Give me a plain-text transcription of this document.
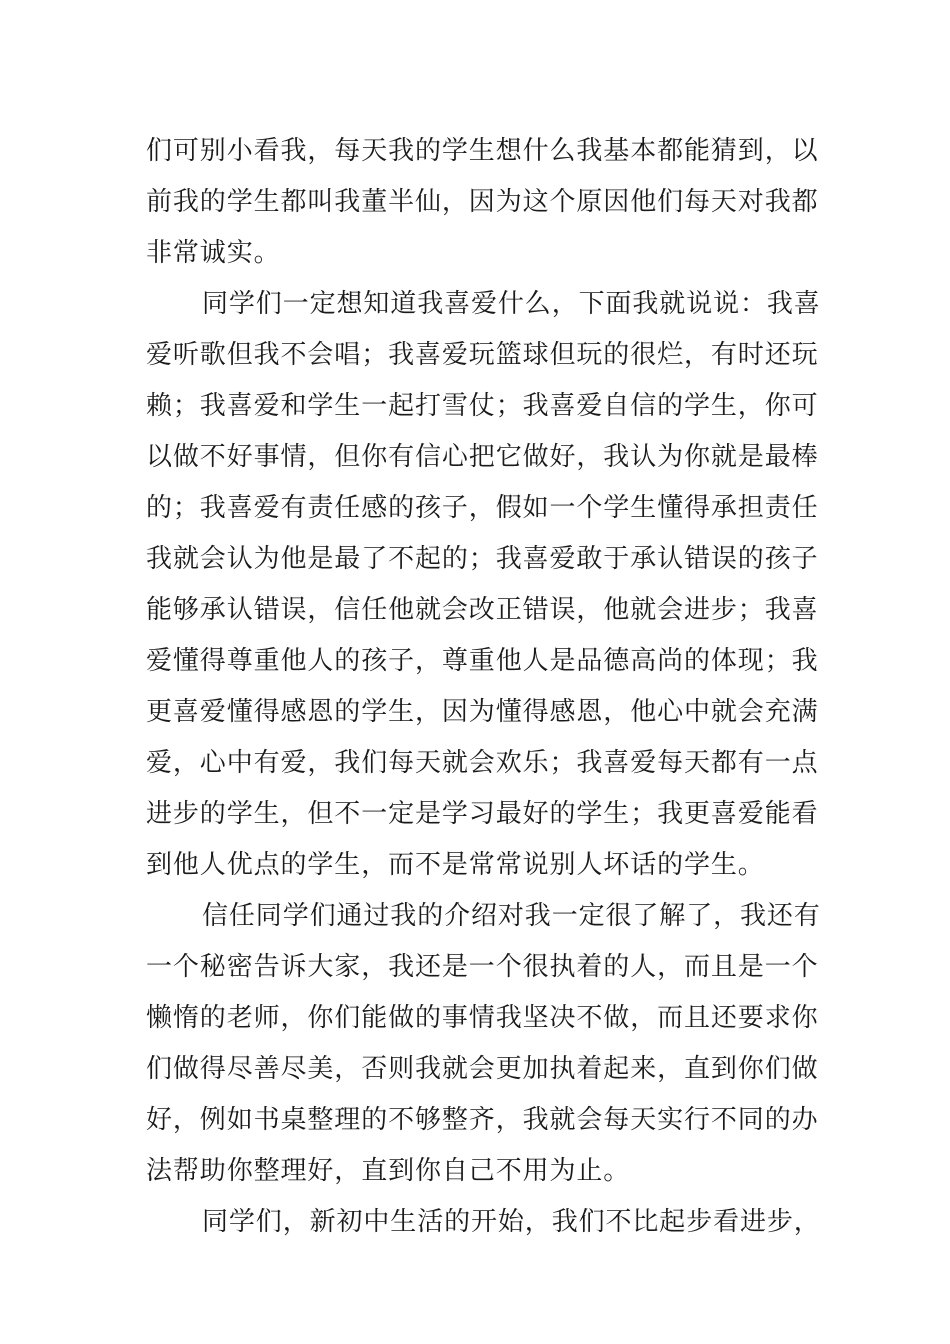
们可别小看我，每天我的学生想什么我基本都能猜到，以
前我的学生都叫我董半仙，因为这个原因他们每天对我都
非常诚实。

同学们一定想知道我喜爱什么，下面我就说说：我喜
爱听歌但我不会唱；我喜爱玩篮球但玩的很烂，有时还玩
赖；我喜爱和学生一起打雪仗；我喜爱自信的学生，你可
以做不好事情，但你有信心把它做好，我认为你就是最棒
的；我喜爱有责任感的孩子，假如一个学生懂得承担责任
我就会认为他是最了不起的；我喜爱敢于承认错误的孩子
能够承认错误，信任他就会改正错误，他就会进步；我喜
爱懂得尊重他人的孩子，尊重他人是品德高尚的体现；我
更喜爱懂得感恩的学生，因为懂得感恩，他心中就会充满
爱，心中有爱，我们每天就会欢乐；我喜爱每天都有一点
进步的学生，但不一定是学习最好的学生；我更喜爱能看
到他人优点的学生，而不是常常说别人坏话的学生。

信任同学们通过我的介绍对我一定很了解了，我还有
一个秘密告诉大家，我还是一个很执着的人，而且是一个
懒惰的老师，你们能做的事情我坚决不做，而且还要求你
们做得尽善尽美，否则我就会更加执着起来，直到你们做
好，例如书桌整理的不够整齐，我就会每天实行不同的办
法帮助你整理好，直到你自己不用为止。

同学们，新初中生活的开始，我们不比起步看进步，
